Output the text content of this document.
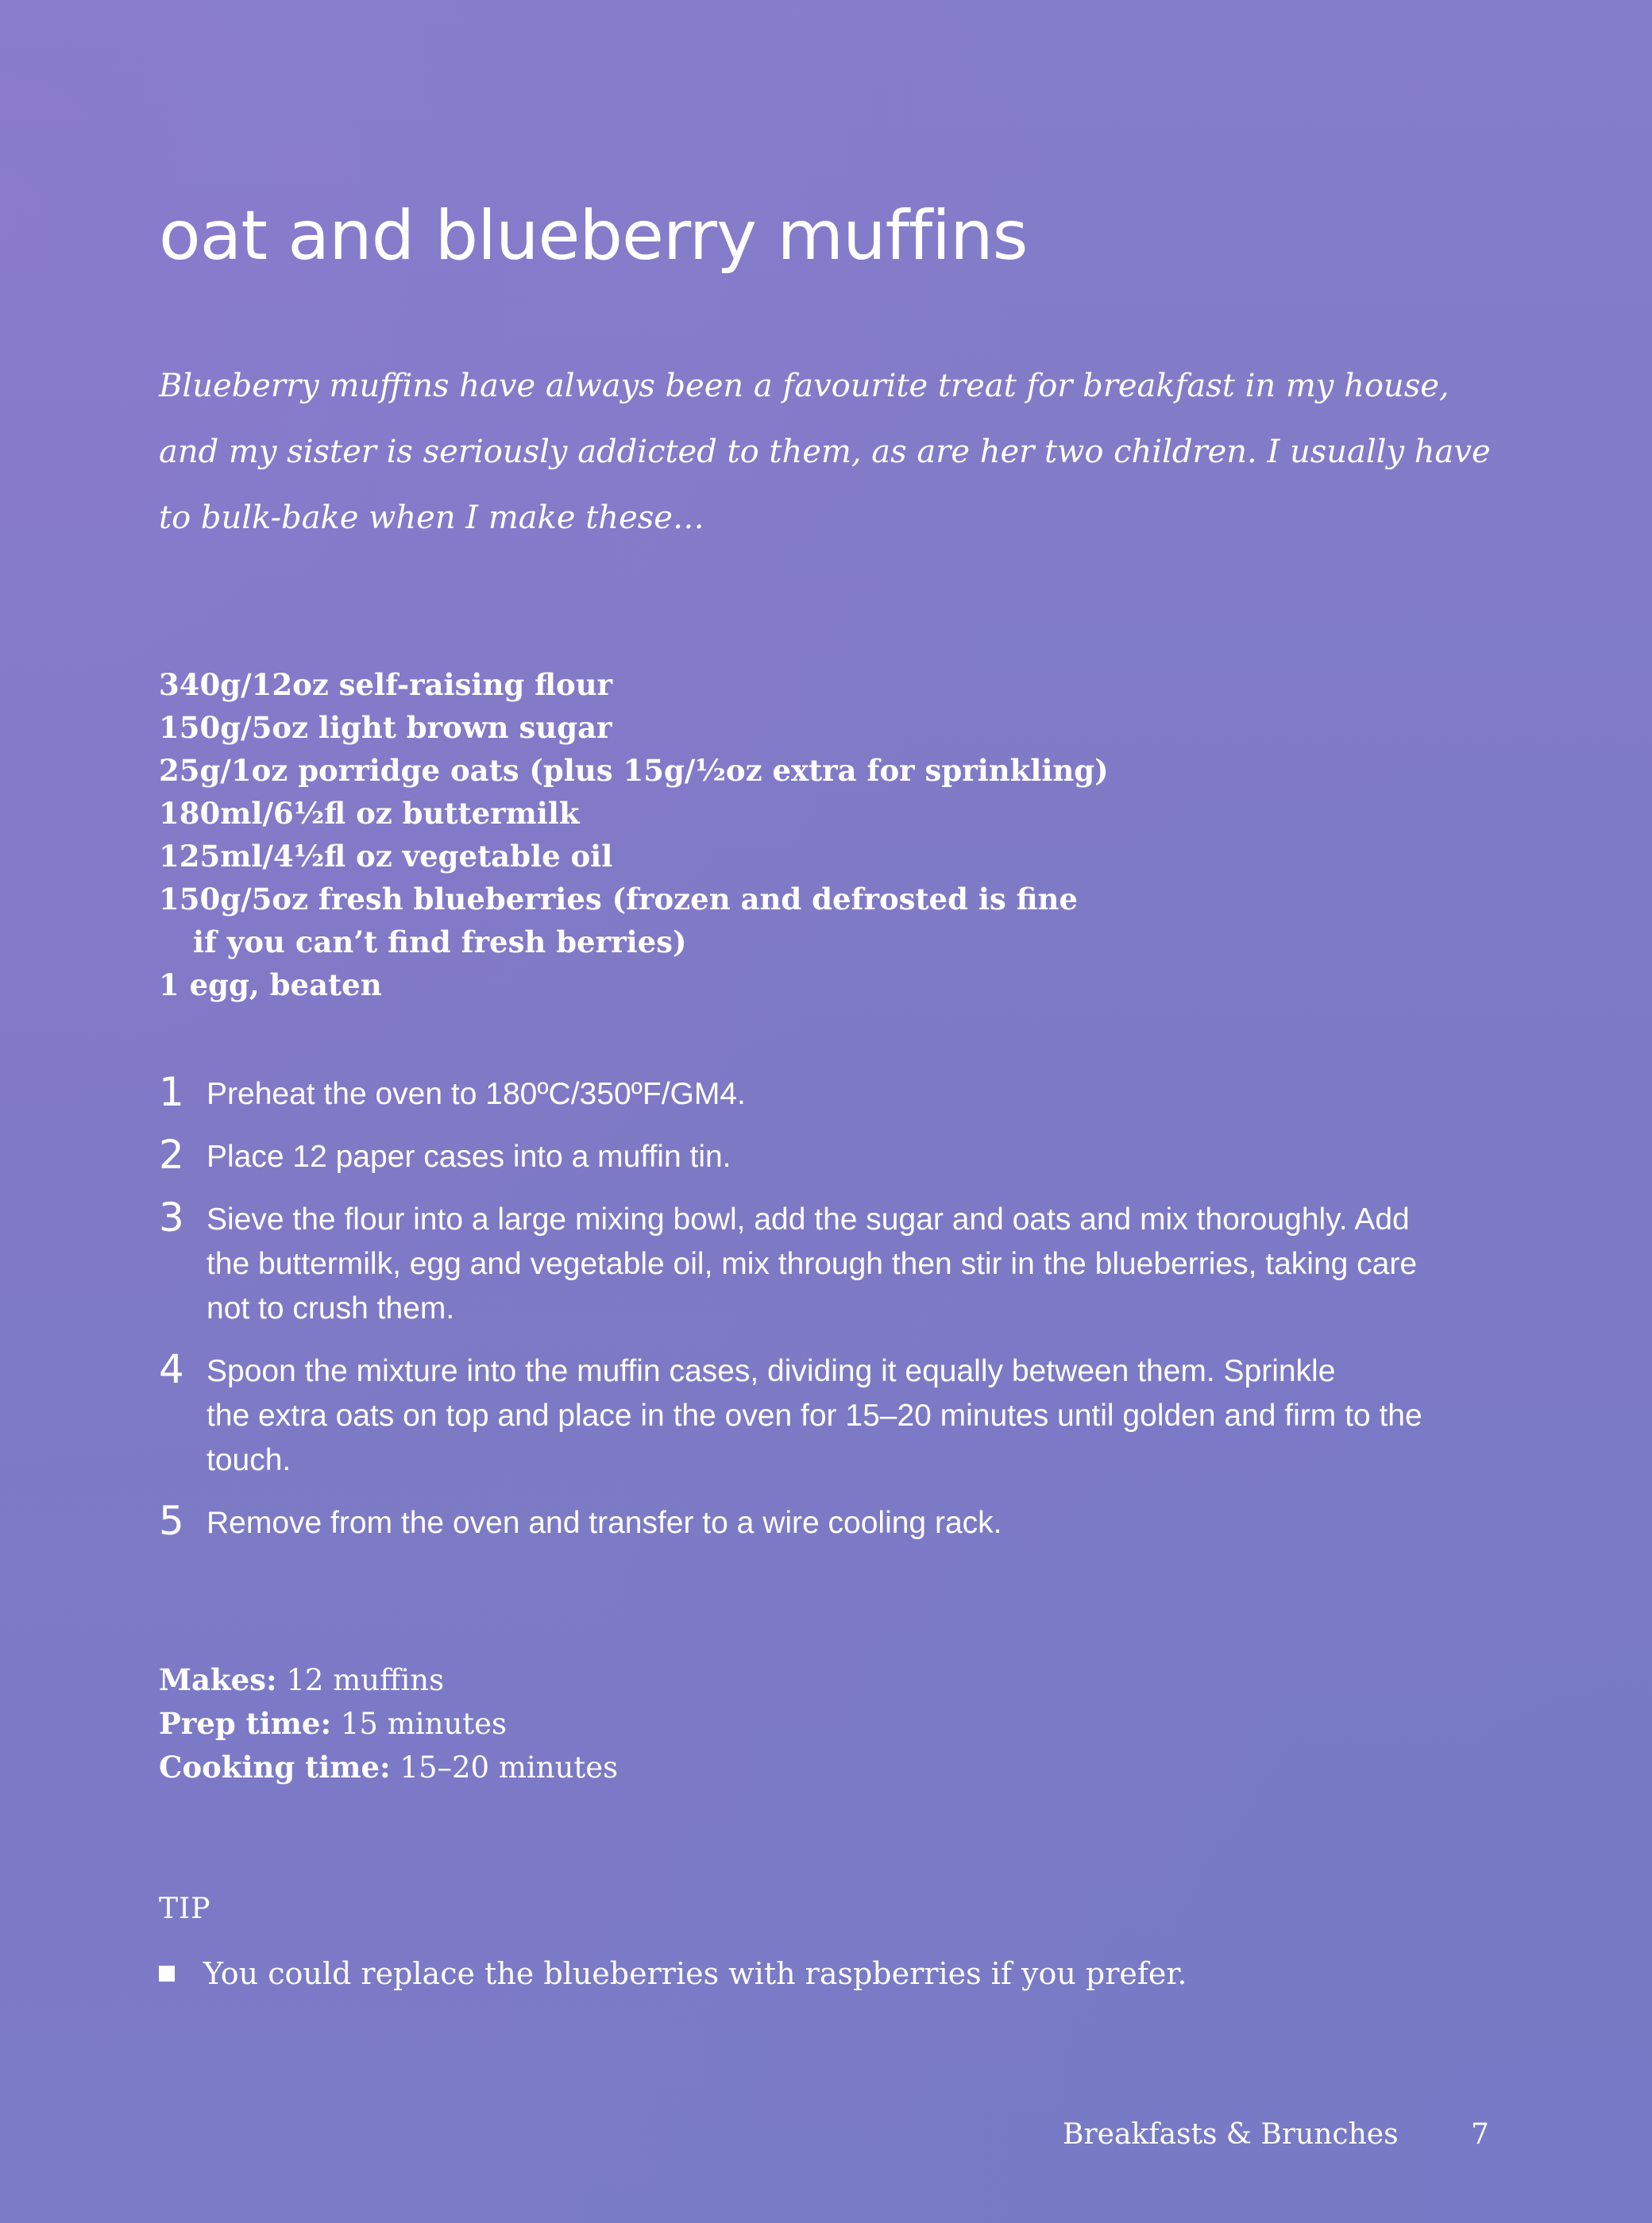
oat and blueberry muffins

Blueberry muffins have always been a favourite treat for breakfast in my house,
and my sister is seriously addicted to them, as are her two children. I usually have
to bulk-bake when I make these…

340g/12oz self-raising flour
150g/5oz light brown sugar
25g/1oz porridge oats (plus 15g/½oz extra for sprinkling)
180ml/6½fl oz buttermilk
125ml/4½fl oz vegetable oil
150g/5oz fresh blueberries (frozen and defrosted is fine
if you can’t find fresh berries)
1 egg, beaten
1 Preheat the oven to 180ºC/350ºF/GM4.
2 Place 12 paper cases into a muffin tin.
3 Sieve the flour into a large mixing bowl, add the sugar and oats and mix thoroughly. Add
the buttermilk, egg and vegetable oil, mix through then stir in the blueberries, taking care
not to crush them.
4 Spoon the mixture into the muffin cases, dividing it equally between them. Sprinkle
the extra oats on top and place in the oven for 15–20 minutes until golden and firm to the
touch.
5 Remove from the oven and transfer to a wire cooling rack.
Makes: 12 muffins
Prep time: 15 minutes
Cooking time: 15–20 minutes
TIP
You could replace the blueberries with raspberries if you prefer.
Breakfasts & Brunches	7
